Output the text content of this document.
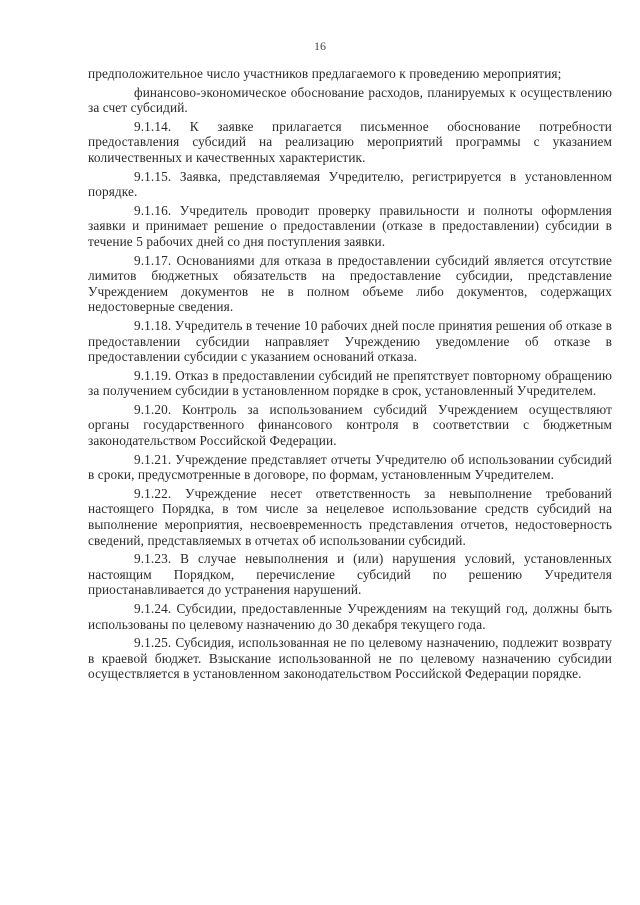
16

предположительное число участников предлагаемого к проведению мероприятия;

финансово-экономическое обоснование расходов, планируемых к осуществлению за счет субсидий.

9.1.14. К заявке прилагается письменное обоснование потребности предоставления субсидий на реализацию мероприятий программы с указанием количественных и качественных характеристик.

9.1.15. Заявка, представляемая Учредителю, регистрируется в установленном порядке.

9.1.16. Учредитель проводит проверку правильности и полноты оформления заявки и принимает решение о предоставлении (отказе в предоставлении) субсидии в течение 5 рабочих дней со дня поступления заявки.

9.1.17. Основаниями для отказа в предоставлении субсидий является отсутствие лимитов бюджетных обязательств на предоставление субсидии, представление Учреждением документов не в полном объеме либо документов, содержащих недостоверные сведения.

9.1.18. Учредитель в течение 10 рабочих дней после принятия решения об отказе в предоставлении субсидии направляет Учреждению уведомление об отказе в предоставлении субсидии с указанием оснований отказа.

9.1.19. Отказ в предоставлении субсидий не препятствует повторному обращению за получением субсидии в установленном порядке в срок, установленный Учредителем.

9.1.20. Контроль за использованием субсидий Учреждением осуществляют органы государственного финансового контроля в соответствии с бюджетным законодательством Российской Федерации.

9.1.21. Учреждение представляет отчеты Учредителю об использовании субсидий в сроки, предусмотренные в договоре, по формам, установленным Учредителем.

9.1.22. Учреждение несет ответственность за невыполнение требований настоящего Порядка, в том числе за нецелевое использование средств субсидий на выполнение мероприятия, несвоевременность представления отчетов, недостоверность сведений, представляемых в отчетах об использовании субсидий.

9.1.23. В случае невыполнения и (или) нарушения условий, установленных настоящим Порядком, перечисление субсидий по решению Учредителя приостанавливается до устранения нарушений.

9.1.24. Субсидии, предоставленные Учреждениям на текущий год, должны быть использованы по целевому назначению до 30 декабря текущего года.

9.1.25. Субсидия, использованная не по целевому назначению, подлежит возврату в краевой бюджет. Взыскание использованной не по целевому назначению субсидии осуществляется в установленном законодательством Российской Федерации порядке.
